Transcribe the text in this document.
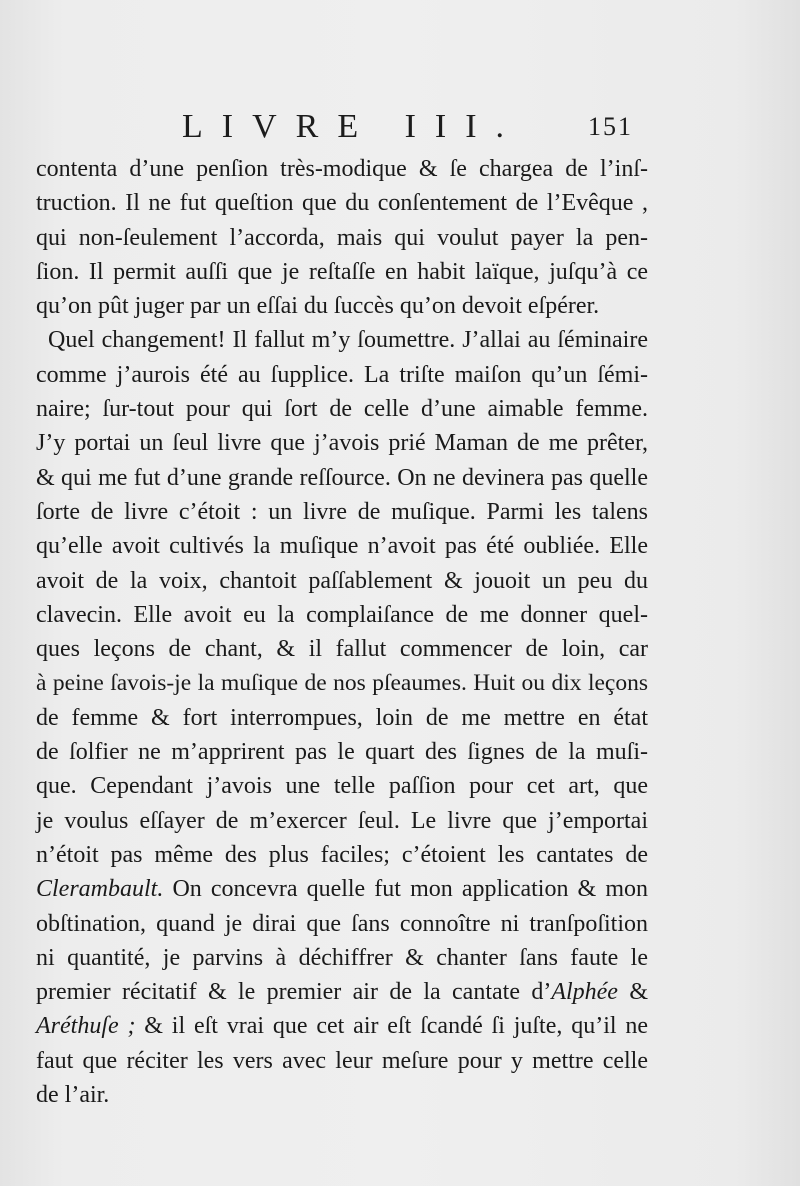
LIVRE III. 151
contenta d’une penſion très-modique & ſe chargea de l’inſ-
truction. Il ne fut queſtion que du conſentement de l’Evêque ,
qui non-ſeulement l’accorda, mais qui voulut payer la pen-
ſion. Il permit auſſi que je reſtaſſe en habit laïque, juſqu’à ce
qu’on pût juger par un eſſai du ſuccès qu’on devoit eſpérer.
Quel changement! Il fallut m’y ſoumettre. J’allai au ſéminaire
comme j’aurois été au ſupplice. La triſte maiſon qu’un ſémi-
naire; ſur-tout pour qui ſort de celle d’une aimable femme.
J’y portai un ſeul livre que j’avois prié Maman de me prêter,
& qui me fut d’une grande reſſource. On ne devinera pas quelle
ſorte de livre c’étoit : un livre de muſique. Parmi les talens
qu’elle avoit cultivés la muſique n’avoit pas été oubliée. Elle
avoit de la voix, chantoit paſſablement & jouoit un peu du
clavecin. Elle avoit eu la complaiſance de me donner quel-
ques leçons de chant, & il fallut commencer de loin, car
à peine ſavois-je la muſique de nos pſeaumes. Huit ou dix leçons
de femme & fort interrompues, loin de me mettre en état
de ſolfier ne m’apprirent pas le quart des ſignes de la muſi-
que. Cependant j’avois une telle paſſion pour cet art, que
je voulus eſſayer de m’exercer ſeul. Le livre que j’emportai
n’étoit pas même des plus faciles; c’étoient les cantates de
Clerambault. On concevra quelle fut mon application & mon
obſtination, quand je dirai que ſans connoître ni tranſpoſition
ni quantité, je parvins à déchiffrer & chanter ſans faute le
premier récitatif & le premier air de la cantate d’Alphée &
Aréthuſe ; & il eſt vrai que cet air eſt ſcandé ſi juſte, qu’il ne
faut que réciter les vers avec leur meſure pour y mettre celle
de l’air.
